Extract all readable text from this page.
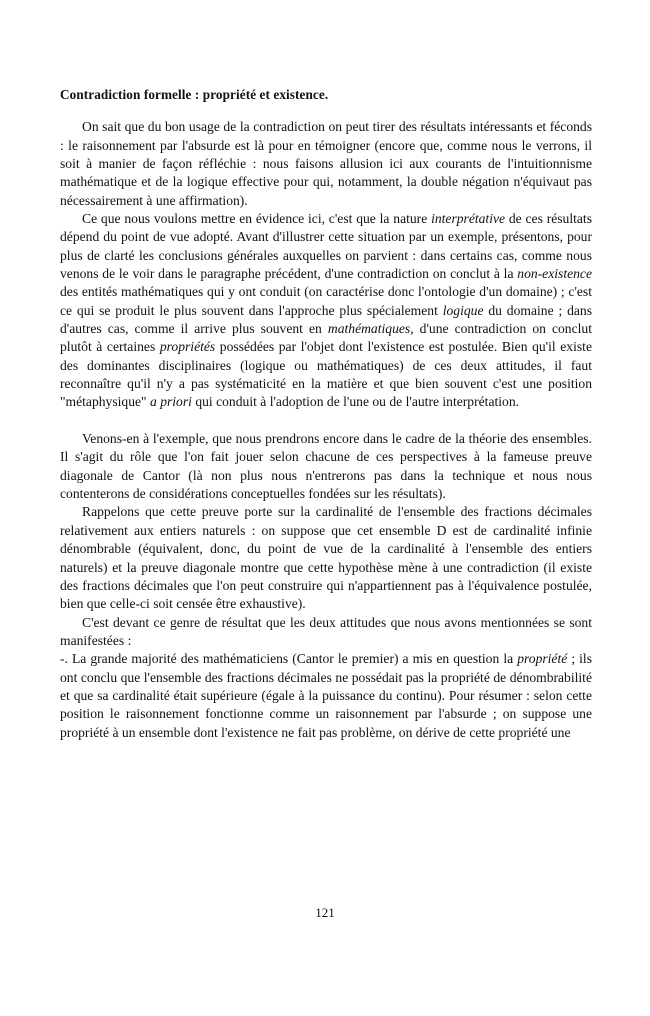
Contradiction formelle : propriété et existence.

On sait que du bon usage de la contradiction on peut tirer des résultats intéressants et féconds : le raisonnement par l'absurde est là pour en témoigner (encore que, comme nous le verrons, il soit à manier de façon réfléchie : nous faisons allusion ici aux courants de l'intuitionnisme mathématique et de la logique effective pour qui, notamment, la double négation n'équivaut pas nécessairement à une affirmation).

Ce que nous voulons mettre en évidence ici, c'est que la nature interprétative de ces résultats dépend du point de vue adopté. Avant d'illustrer cette situation par un exemple, présentons, pour plus de clarté les conclusions générales auxquelles on parvient : dans certains cas, comme nous venons de le voir dans le paragraphe précédent, d'une contradiction on conclut à la non-existence des entités mathématiques qui y ont conduit (on caractérise donc l'ontologie d'un domaine) ; c'est ce qui se produit le plus souvent dans l'approche plus spécialement logique du domaine ; dans d'autres cas, comme il arrive plus souvent en mathématiques, d'une contradiction on conclut plutôt à certaines propriétés possédées par l'objet dont l'existence est postulée. Bien qu'il existe des dominantes disciplinaires (logique ou mathématiques) de ces deux attitudes, il faut reconnaître qu'il n'y a pas systématicité en la matière et que bien souvent c'est une position "métaphysique" a priori qui conduit à l'adoption de l'une ou de l'autre interprétation.

Venons-en à l'exemple, que nous prendrons encore dans le cadre de la théorie des ensembles. Il s'agit du rôle que l'on fait jouer selon chacune de ces perspectives à la fameuse preuve diagonale de Cantor (là non plus nous n'entrerons pas dans la technique et nous nous contenterons de considérations conceptuelles fondées sur les résultats).

Rappelons que cette preuve porte sur la cardinalité de l'ensemble des fractions décimales relativement aux entiers naturels : on suppose que cet ensemble D est de cardinalité infinie dénombrable (équivalent, donc, du point de vue de la cardinalité à l'ensemble des entiers naturels) et la preuve diagonale montre que cette hypothèse mène à une contradiction (il existe des fractions décimales que l'on peut construire qui n'appartiennent pas à l'équivalence postulée, bien que celle-ci soit censée être exhaustive).

C'est devant ce genre de résultat que les deux attitudes que nous avons mentionnées se sont manifestées :

-. La grande majorité des mathématiciens (Cantor le premier) a mis en question la propriété ; ils ont conclu que l'ensemble des fractions décimales ne possédait pas la propriété de dénombrabilité et que sa cardinalité était supérieure (égale à la puissance du continu). Pour résumer : selon cette position le raisonnement fonctionne comme un raisonnement par l'absurde ; on suppose une propriété à un ensemble dont l'existence ne fait pas problème, on dérive de cette propriété une

121
